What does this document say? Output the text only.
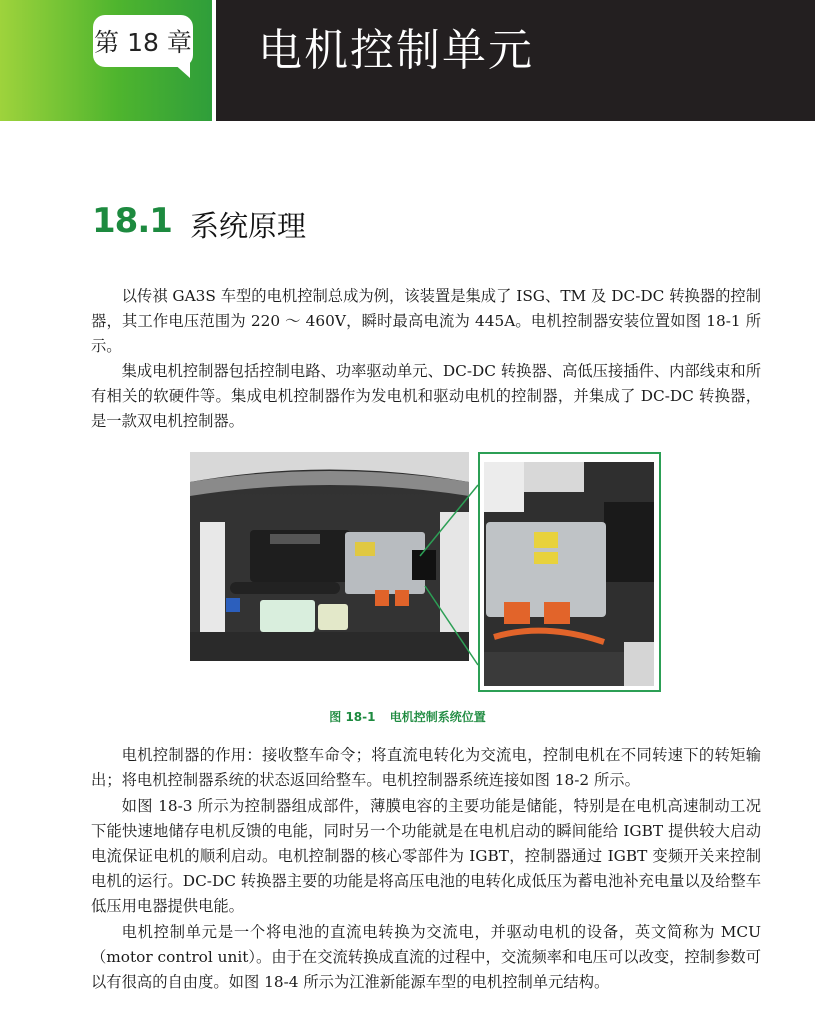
第 18 章 电机控制单元
18.1 系统原理

以传祺 GA3S 车型的电机控制总成为例，该装置是集成了 ISG、TM 及 DC-DC 转换器的控制器，其工作电压范围为 220 ～ 460V，瞬时最高电流为 445A。电机控制器安装位置如图 18-1 所示。

集成电机控制器包括控制电路、功率驱动单元、DC-DC 转换器、高低压接插件、内部线束和所有相关的软硬件等。集成电机控制器作为发电机和驱动电机的控制器，并集成了 DC-DC 转换器，是一款双电机控制器。

图 18-1 电机控制系统位置

电机控制器的作用：接收整车命令；将直流电转化为交流电，控制电机在不同转速下的转矩输出；将电机控制器系统的状态返回给整车。电机控制器系统连接如图 18-2 所示。

如图 18-3 所示为控制器组成部件，薄膜电容的主要功能是储能，特别是在电机高速制动工况下能快速地储存电机反馈的电能，同时另一个功能就是在电机启动的瞬间能给 IGBT 提供较大启动电流保证电机的顺利启动。电机控制器的核心零部件为 IGBT，控制器通过 IGBT 变频开关来控制电机的运行。DC-DC 转换器主要的功能是将高压电池的电转化成低压为蓄电池补充电量以及给整车低压用电器提供电能。

电机控制单元是一个将电池的直流电转换为交流电，并驱动电机的设备，英文简称为 MCU（motor control unit）。由于在交流转换成直流的过程中，交流频率和电压可以改变，控制参数可以有很高的自由度。如图 18-4 所示为江淮新能源车型的电机控制单元结构。
